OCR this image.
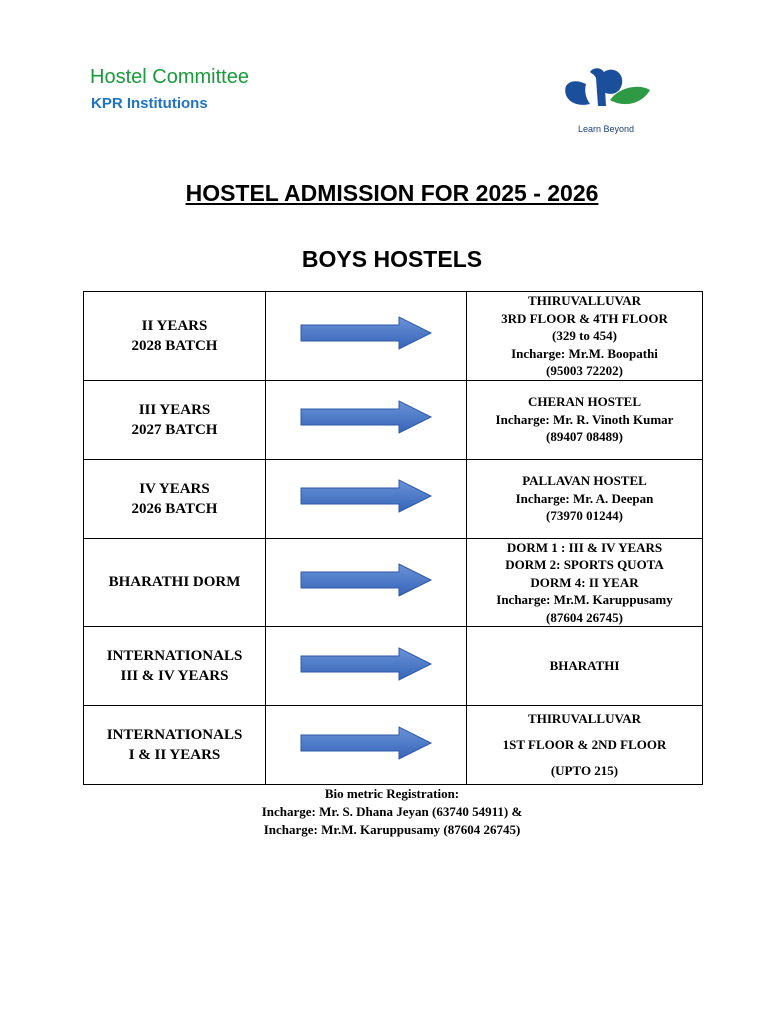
Hostel Committee
KPR Institutions
Learn Beyond
HOSTEL ADMISSION FOR 2025 - 2026
BOYS HOSTELS
II YEARS
2028 BATCH		THIRUVALLUVAR
3RD FLOOR & 4TH FLOOR
(329 to 454)
Incharge: Mr.M. Boopathi
(95003 72202)

III YEARS
2027 BATCH		CHERAN HOSTEL
Incharge: Mr. R. Vinoth Kumar
(89407 08489)

IV YEARS
2026 BATCH		PALLAVAN HOSTEL
Incharge: Mr. A. Deepan
(73970 01244)

BHARATHI DORM		DORM 1 : III & IV YEARS
DORM 2: SPORTS QUOTA
DORM 4: II YEAR
Incharge: Mr.M. Karuppusamy
(87604 26745)

INTERNATIONALS
III & IV YEARS		BHARATHI

INTERNATIONALS
I & II YEARS		THIRUVALLUVAR
1ST FLOOR & 2ND FLOOR
(UPTO 215)
Bio metric Registration:
Incharge: Mr. S. Dhana Jeyan (63740 54911) &
Incharge: Mr.M. Karuppusamy (87604 26745)
